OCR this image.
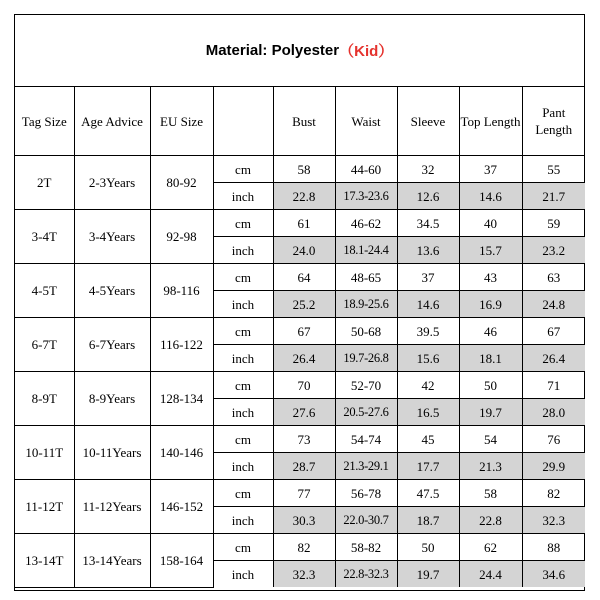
Material: Polyester （Kid）
Tag Size	Age Advice	EU Size		Bust	Waist	Sleeve	Top Length	Pant Length
2T	2-3Years	80-92	cm	58	44-60	32	37	55
			inch	22.8	17.3-23.6	12.6	14.6	21.7
3-4T	3-4Years	92-98	cm	61	46-62	34.5	40	59
			inch	24.0	18.1-24.4	13.6	15.7	23.2
4-5T	4-5Years	98-116	cm	64	48-65	37	43	63
			inch	25.2	18.9-25.6	14.6	16.9	24.8
6-7T	6-7Years	116-122	cm	67	50-68	39.5	46	67
			inch	26.4	19.7-26.8	15.6	18.1	26.4
8-9T	8-9Years	128-134	cm	70	52-70	42	50	71
			inch	27.6	20.5-27.6	16.5	19.7	28.0
10-11T	10-11Years	140-146	cm	73	54-74	45	54	76
			inch	28.7	21.3-29.1	17.7	21.3	29.9
11-12T	11-12Years	146-152	cm	77	56-78	47.5	58	82
			inch	30.3	22.0-30.7	18.7	22.8	32.3
13-14T	13-14Years	158-164	cm	82	58-82	50	62	88
			inch	32.3	22.8-32.3	19.7	24.4	34.6
